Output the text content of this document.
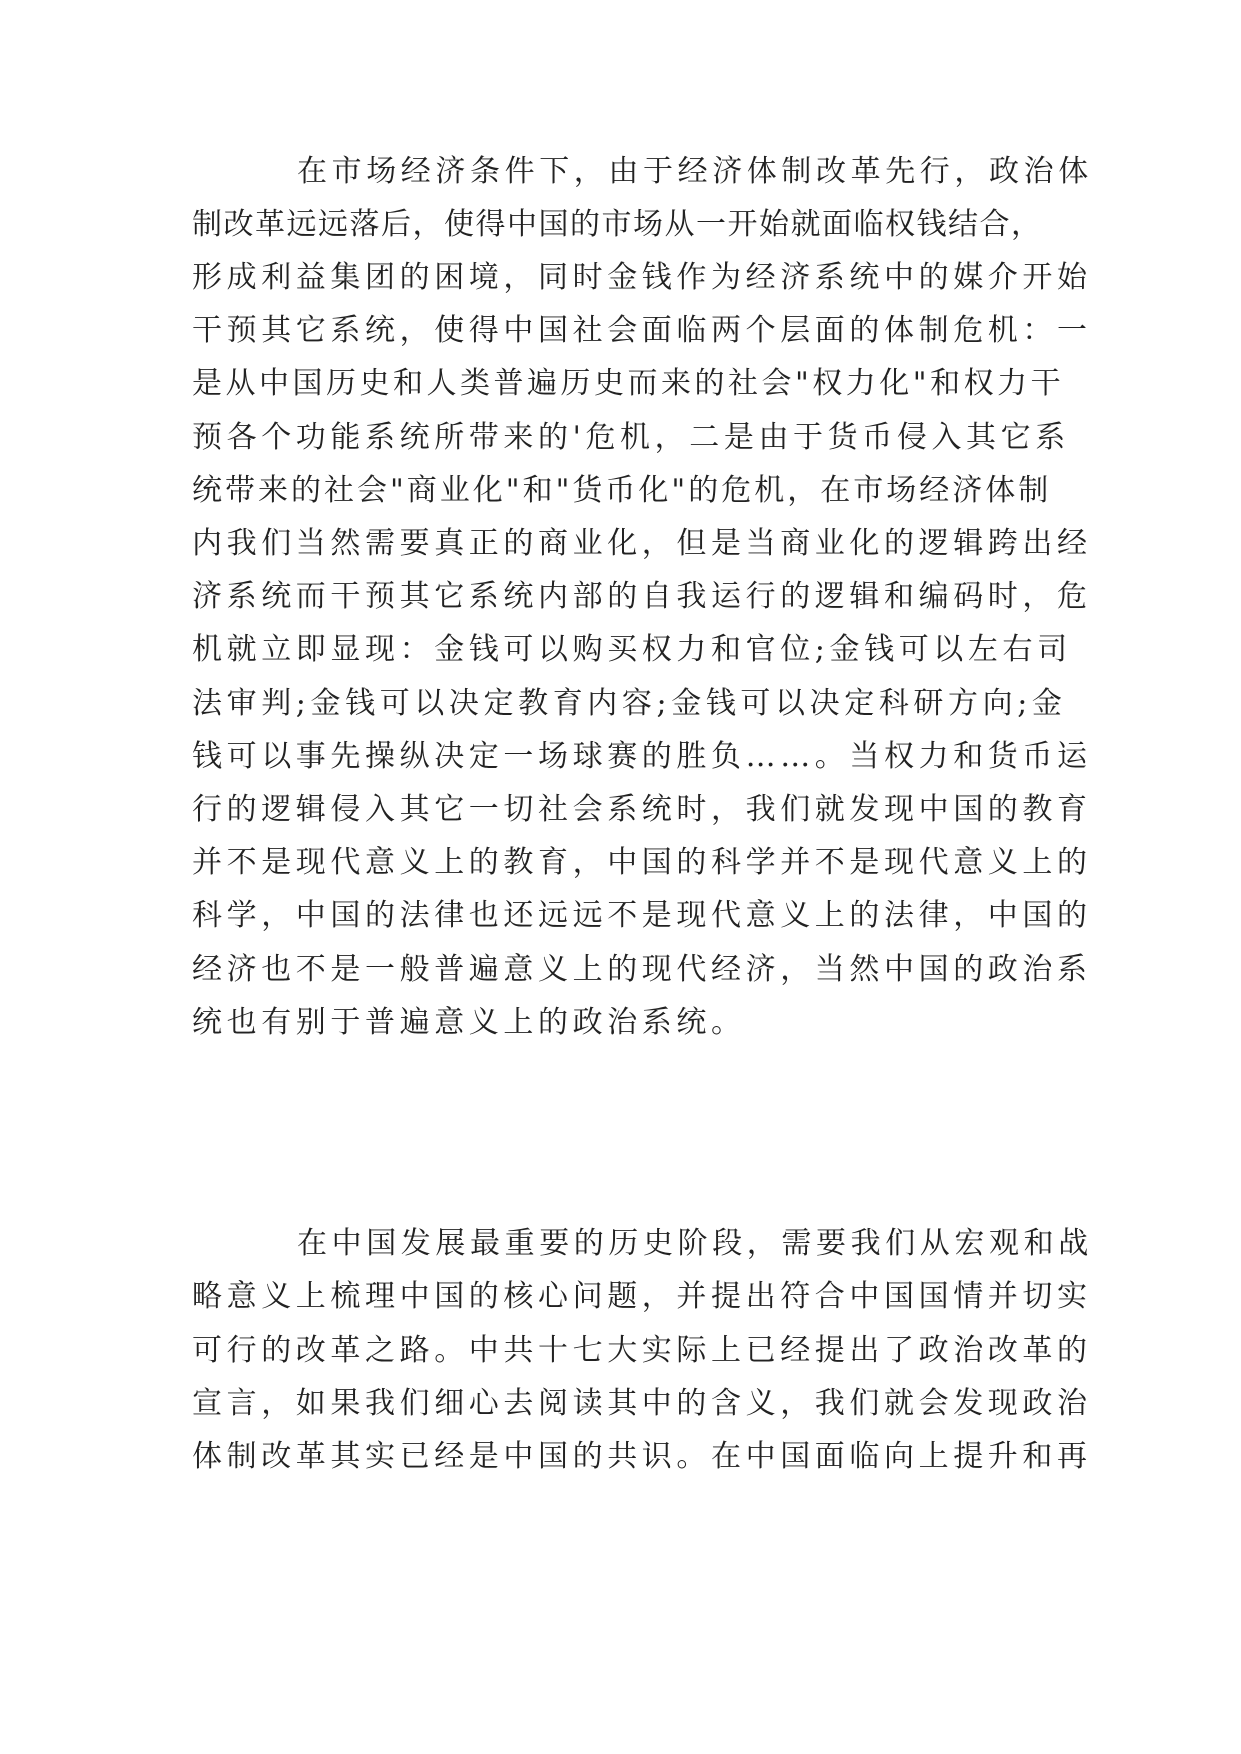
在市场经济条件下，由于经济体制改革先行，政治体

制改革远远落后，使得中国的市场从一开始就面临权钱结合，

形成利益集团的困境，同时金钱作为经济系统中的媒介开始

干预其它系统，使得中国社会面临两个层面的体制危机：一

是从中国历史和人类普遍历史而来的社会"权力化"和权力干

预各个功能系统所带来的'危机，二是由于货币侵入其它系

统带来的社会"商业化"和"货币化"的危机，在市场经济体制

内我们当然需要真正的商业化，但是当商业化的逻辑跨出经

济系统而干预其它系统内部的自我运行的逻辑和编码时，危

机就立即显现：金钱可以购买权力和官位;金钱可以左右司

法审判;金钱可以决定教育内容;金钱可以决定科研方向;金

钱可以事先操纵决定一场球赛的胜负……。当权力和货币运

行的逻辑侵入其它一切社会系统时，我们就发现中国的教育

并不是现代意义上的教育，中国的科学并不是现代意义上的

科学，中国的法律也还远远不是现代意义上的法律，中国的

经济也不是一般普遍意义上的现代经济，当然中国的政治系

统也有别于普遍意义上的政治系统。

在中国发展最重要的历史阶段，需要我们从宏观和战

略意义上梳理中国的核心问题，并提出符合中国国情并切实

可行的改革之路。中共十七大实际上已经提出了政治改革的

宣言，如果我们细心去阅读其中的含义，我们就会发现政治

体制改革其实已经是中国的共识。在中国面临向上提升和再
